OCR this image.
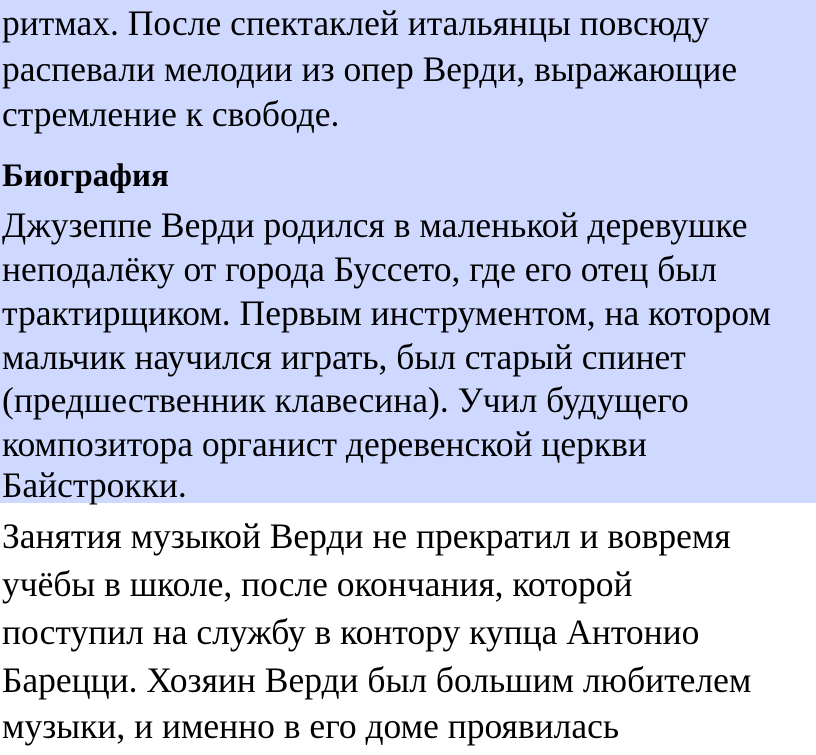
ритмах. После спектаклей итальянцы повсюду
распевали мелодии из опер Верди, выражающие
стремление к свободе.
Биография
Джузеппе Верди родился в маленькой деревушке
неподалёку от города Буссето, где его отец был
трактирщиком. Первым инструментом, на котором
мальчик научился играть, был старый спинет
(предшественник клавесина). Учил будущего
композитора органист деревенской церкви
Байстрокки.
Занятия музыкой Верди не прекратил и вовремя
учёбы в школе, после окончания, которой
поступил на службу в контору купца Антонио
Барецци. Хозяин Верди был большим любителем
музыки, и именно в его доме проявилась
